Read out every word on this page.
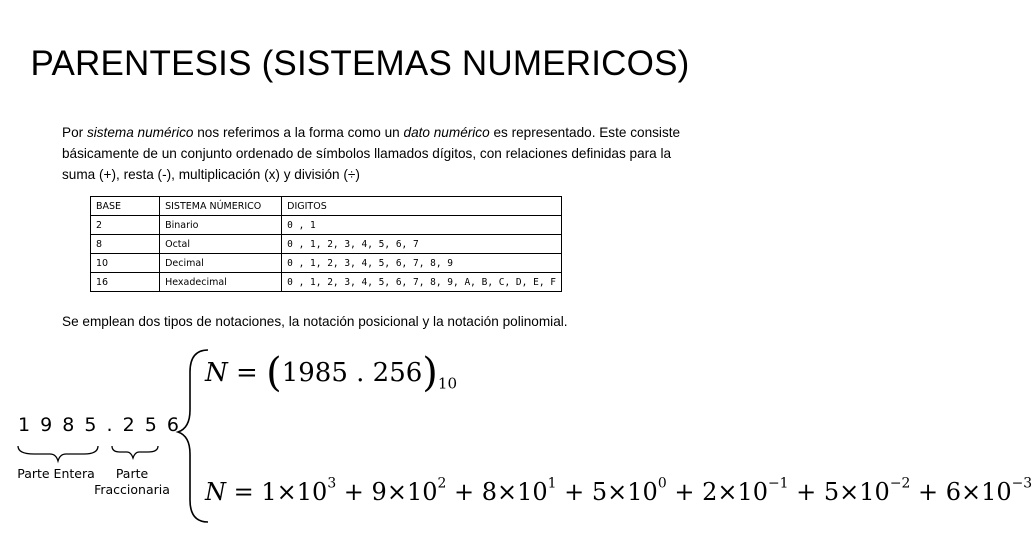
PARENTESIS (SISTEMAS NUMERICOS)
Por sistema numérico nos referimos a la forma como un dato numérico es representado. Este consiste básicamente de un conjunto ordenado de símbolos llamados dígitos, con relaciones definidas para la suma (+), resta (-), multiplicación (x) y división (÷)
BASE	SISTEMA NÚMERICO	DIGITOS
2	Binario	0 , 1
8	Octal	0 , 1, 2, 3, 4, 5, 6, 7
10	Decimal	0 , 1, 2, 3, 4, 5, 6, 7, 8, 9
16	Hexadecimal	0 , 1, 2, 3, 4, 5, 6, 7, 8, 9, A, B, C, D, E, F
Se emplean dos tipos de notaciones, la notación posicional y la notación polinomial.
1 9 8 5 . 2 5 6
Parte Entera	Parte
Fraccionaria
N = (1985 . $256)_{10}$
$N = 1\times 10^3 + 9\times 10^2 + 8\times 10^1 + 5\times 10^0 + 2\times 10^{-1} + 5\times 10^{-2} + 6\times 10^{-3}$
